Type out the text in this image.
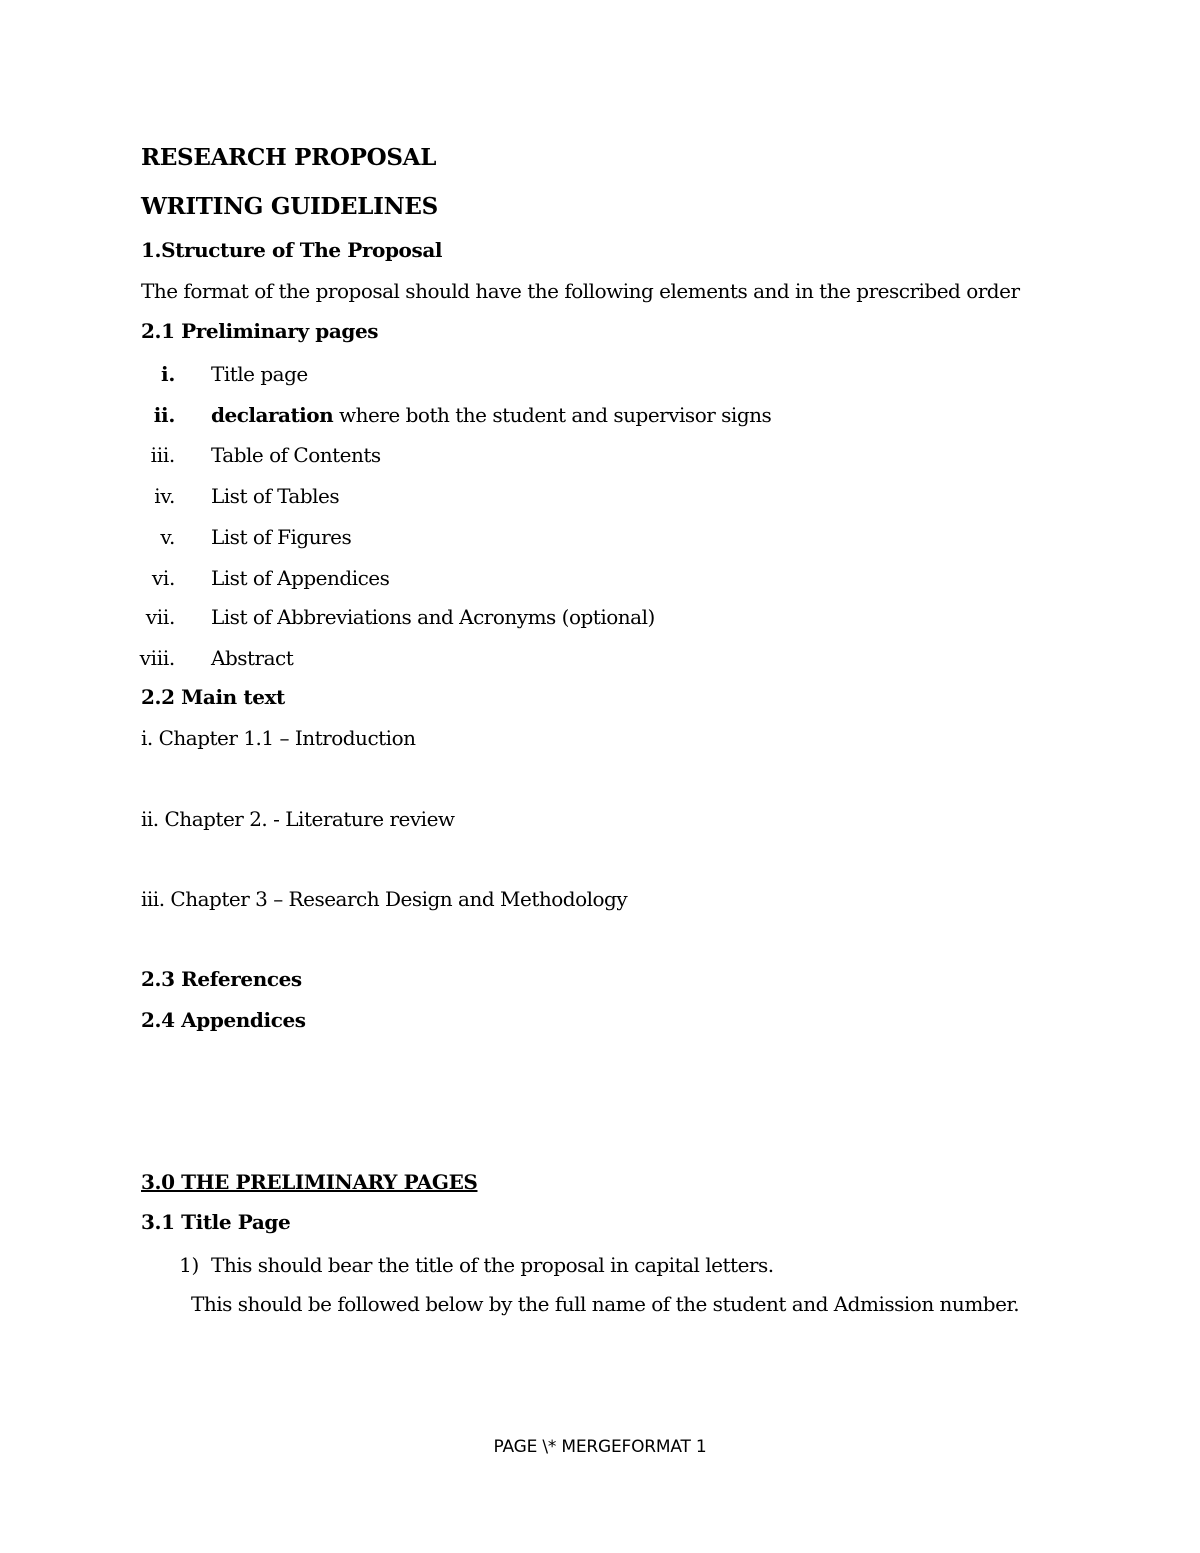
RESEARCH PROPOSAL
WRITING GUIDELINES
1.Structure of The Proposal
The format of the proposal should have the following elements and in the prescribed order
2.1 Preliminary pages
i. Title page
ii. declaration where both the student and supervisor signs
iii. Table of Contents
iv. List of Tables
v. List of Figures
vi. List of Appendices
vii. List of Abbreviations and Acronyms (optional)
viii. Abstract
2.2 Main text
i. Chapter 1.1 – Introduction
ii. Chapter 2. - Literature review
iii. Chapter 3 – Research Design and Methodology
2.3 References
2.4 Appendices
3.0 THE PRELIMINARY PAGES
3.1 Title Page
1) This should bear the title of the proposal in capital letters.
This should be followed below by the full name of the student and Admission number.
PAGE \* MERGEFORMAT 1
